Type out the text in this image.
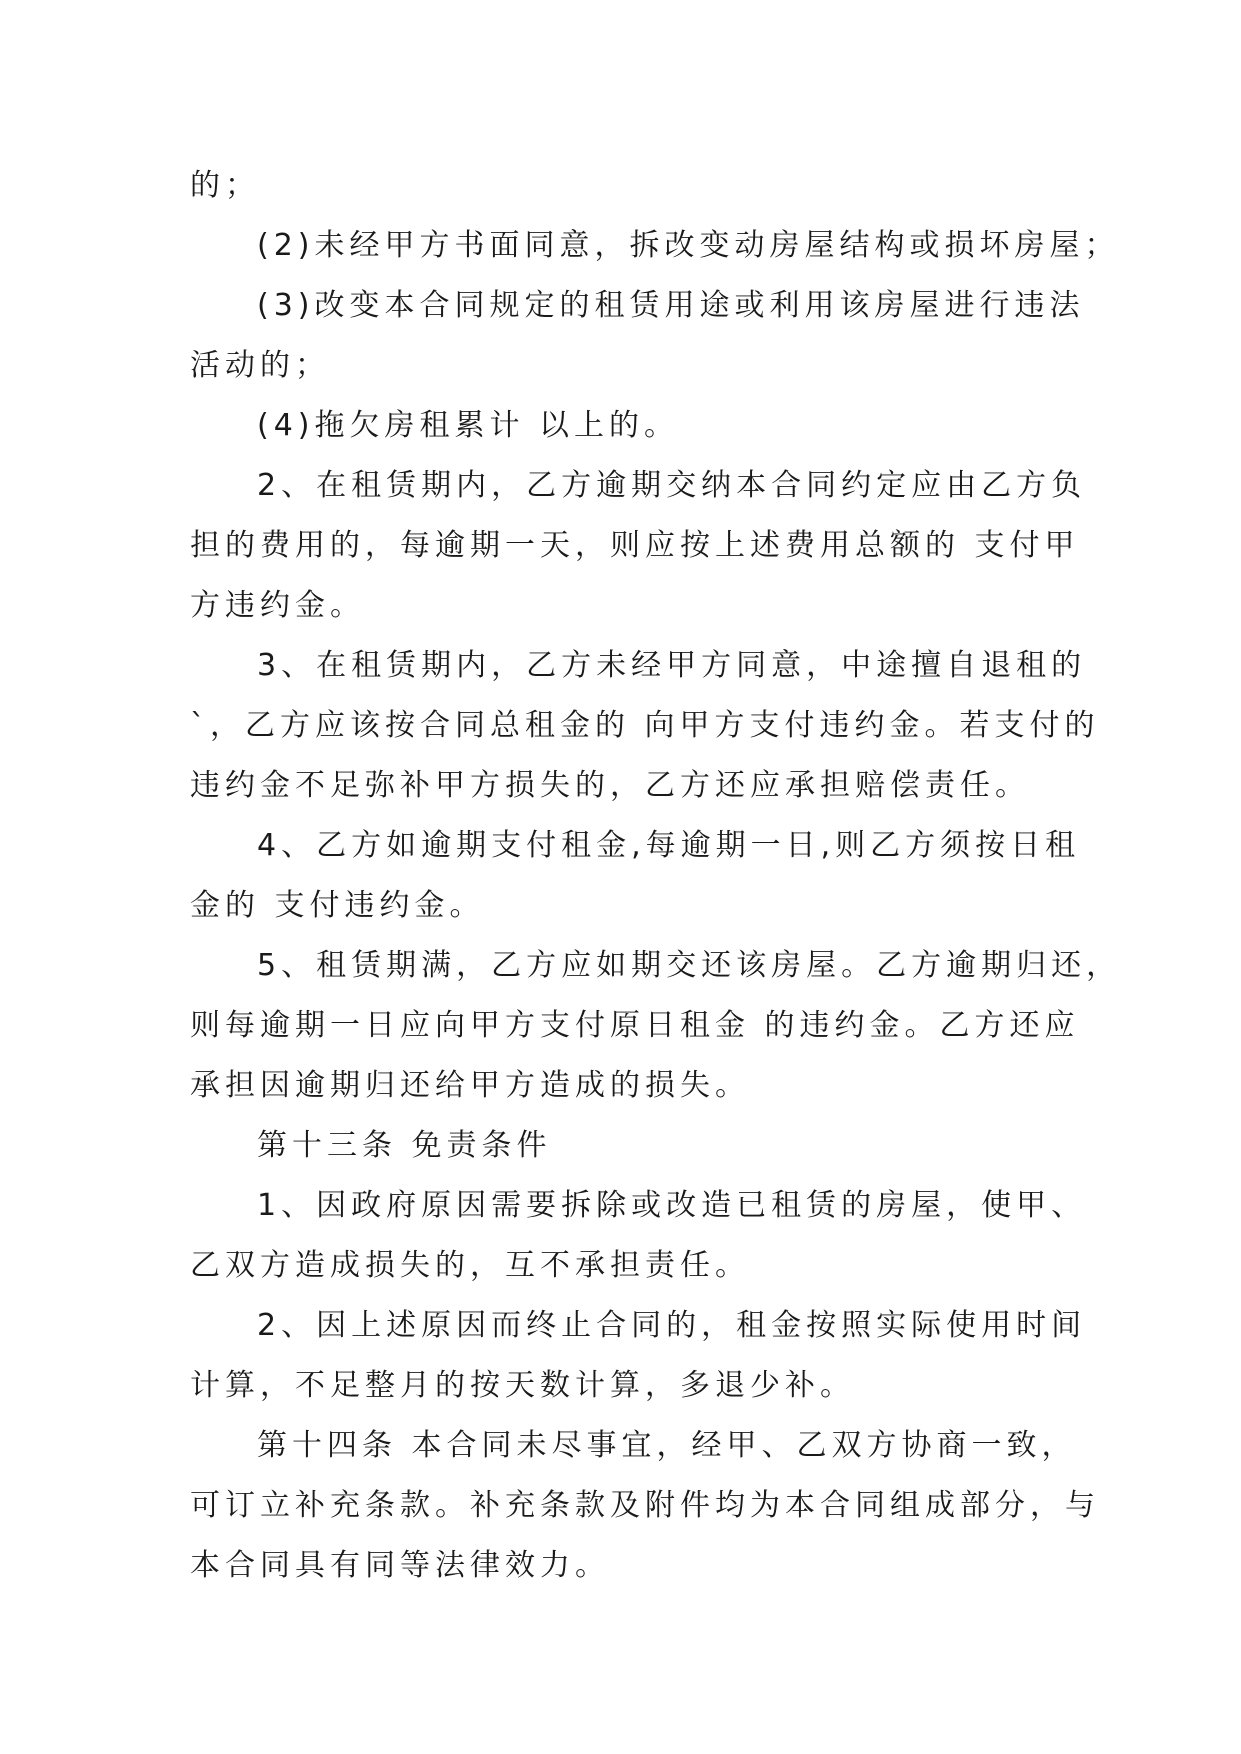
的；
(2)未经甲方书面同意，拆改变动房屋结构或损坏房屋；
(3)改变本合同规定的租赁用途或利用该房屋进行违法
活动的；
(4)拖欠房租累计 以上的。
2、在租赁期内，乙方逾期交纳本合同约定应由乙方负
担的费用的，每逾期一天，则应按上述费用总额的 支付甲
方违约金。
3、在租赁期内，乙方未经甲方同意，中途擅自退租的
`，乙方应该按合同总租金的 向甲方支付违约金。若支付的
违约金不足弥补甲方损失的，乙方还应承担赔偿责任。
4、乙方如逾期支付租金,每逾期一日,则乙方须按日租
金的 支付违约金。
5、租赁期满，乙方应如期交还该房屋。乙方逾期归还，
则每逾期一日应向甲方支付原日租金 的违约金。乙方还应
承担因逾期归还给甲方造成的损失。
第十三条 免责条件
1、因政府原因需要拆除或改造已租赁的房屋，使甲、
乙双方造成损失的，互不承担责任。
2、因上述原因而终止合同的，租金按照实际使用时间
计算，不足整月的按天数计算，多退少补。
第十四条 本合同未尽事宜，经甲、乙双方协商一致，
可订立补充条款。补充条款及附件均为本合同组成部分，与
本合同具有同等法律效力。
